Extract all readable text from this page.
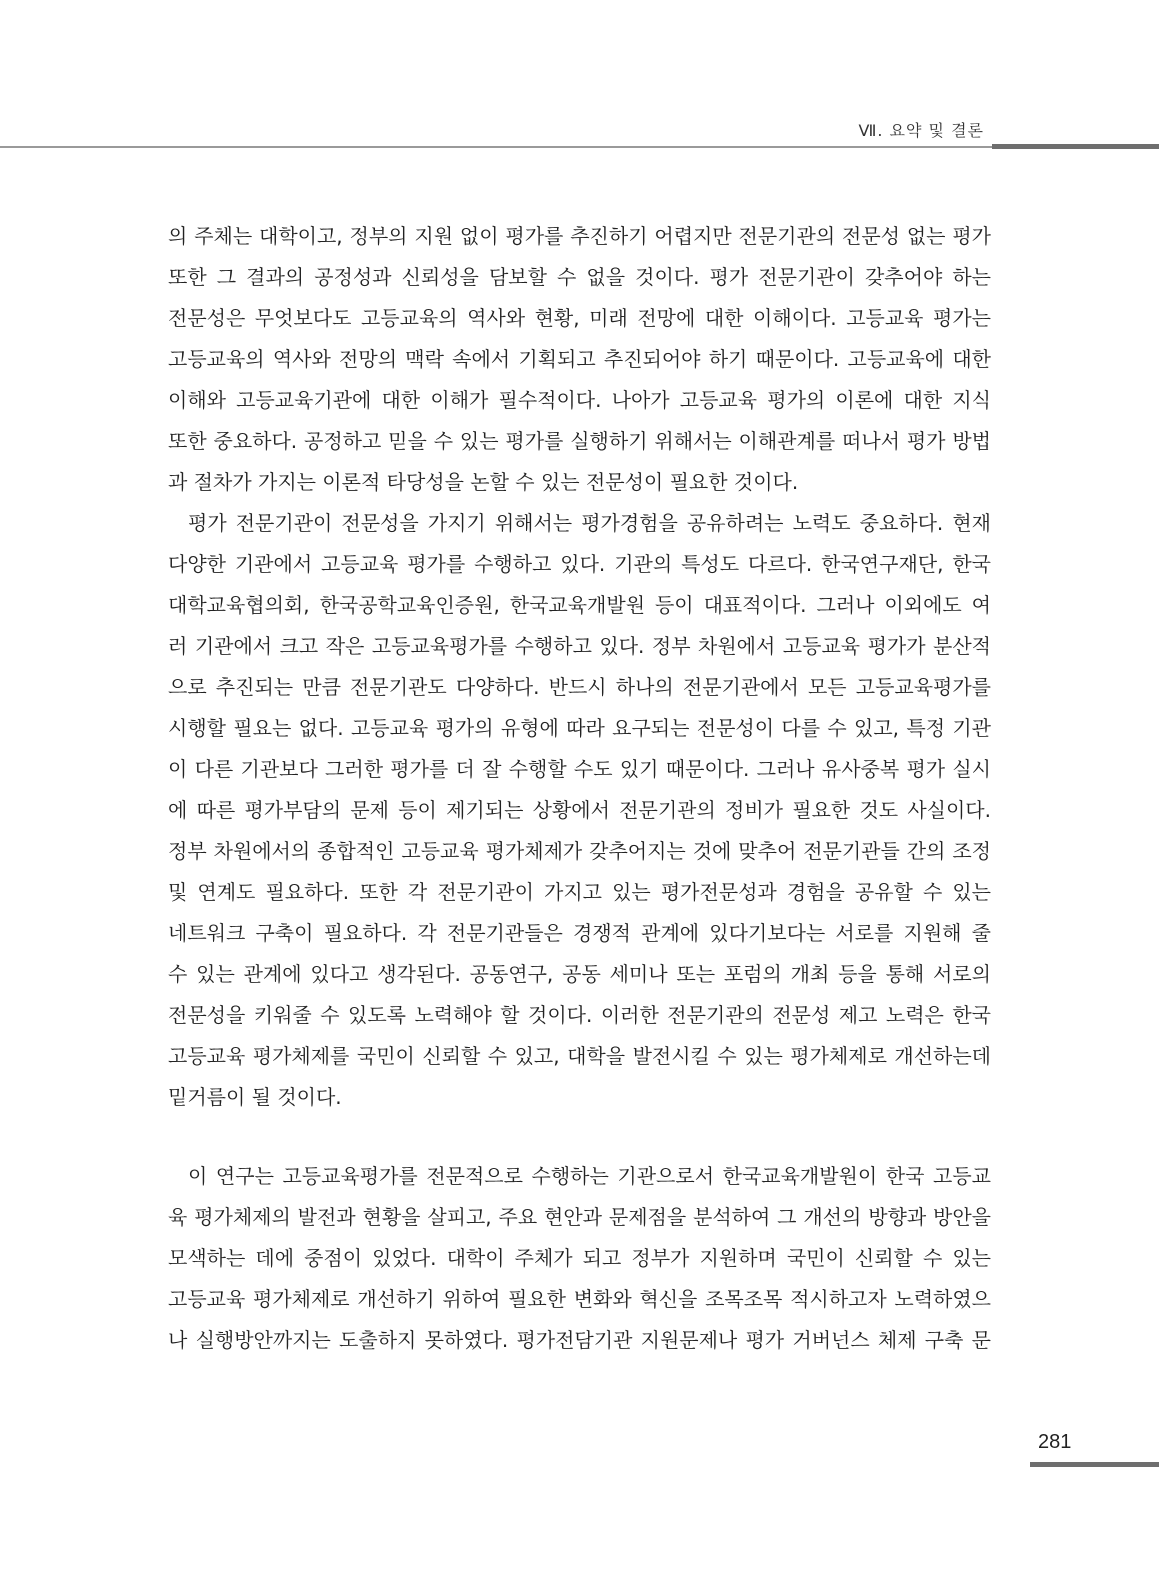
Ⅶ. 요약 및 결론

의 주체는 대학이고, 정부의 지원 없이 평가를 추진하기 어렵지만 전문기관의 전문성 없는 평가

또한 그 결과의 공정성과 신뢰성을 담보할 수 없을 것이다. 평가 전문기관이 갖추어야 하는

전문성은 무엇보다도 고등교육의 역사와 현황, 미래 전망에 대한 이해이다. 고등교육 평가는

고등교육의 역사와 전망의 맥락 속에서 기획되고 추진되어야 하기 때문이다. 고등교육에 대한

이해와 고등교육기관에 대한 이해가 필수적이다. 나아가 고등교육 평가의 이론에 대한 지식

또한 중요하다. 공정하고 믿을 수 있는 평가를 실행하기 위해서는 이해관계를 떠나서 평가 방법

과 절차가 가지는 이론적 타당성을 논할 수 있는 전문성이 필요한 것이다.

평가 전문기관이 전문성을 가지기 위해서는 평가경험을 공유하려는 노력도 중요하다. 현재

다양한 기관에서 고등교육 평가를 수행하고 있다. 기관의 특성도 다르다. 한국연구재단, 한국

대학교육협의회, 한국공학교육인증원, 한국교육개발원 등이 대표적이다. 그러나 이외에도 여

러 기관에서 크고 작은 고등교육평가를 수행하고 있다. 정부 차원에서 고등교육 평가가 분산적

으로 추진되는 만큼 전문기관도 다양하다. 반드시 하나의 전문기관에서 모든 고등교육평가를

시행할 필요는 없다. 고등교육 평가의 유형에 따라 요구되는 전문성이 다를 수 있고, 특정 기관

이 다른 기관보다 그러한 평가를 더 잘 수행할 수도 있기 때문이다. 그러나 유사중복 평가 실시

에 따른 평가부담의 문제 등이 제기되는 상황에서 전문기관의 정비가 필요한 것도 사실이다.

정부 차원에서의 종합적인 고등교육 평가체제가 갖추어지는 것에 맞추어 전문기관들 간의 조정

및 연계도 필요하다. 또한 각 전문기관이 가지고 있는 평가전문성과 경험을 공유할 수 있는

네트워크 구축이 필요하다. 각 전문기관들은 경쟁적 관계에 있다기보다는 서로를 지원해 줄

수 있는 관계에 있다고 생각된다. 공동연구, 공동 세미나 또는 포럼의 개최 등을 통해 서로의

전문성을 키워줄 수 있도록 노력해야 할 것이다. 이러한 전문기관의 전문성 제고 노력은 한국

고등교육 평가체제를 국민이 신뢰할 수 있고, 대학을 발전시킬 수 있는 평가체제로 개선하는데

밑거름이 될 것이다.

이 연구는 고등교육평가를 전문적으로 수행하는 기관으로서 한국교육개발원이 한국 고등교

육 평가체제의 발전과 현황을 살피고, 주요 현안과 문제점을 분석하여 그 개선의 방향과 방안을

모색하는 데에 중점이 있었다. 대학이 주체가 되고 정부가 지원하며 국민이 신뢰할 수 있는

고등교육 평가체제로 개선하기 위하여 필요한 변화와 혁신을 조목조목 적시하고자 노력하였으

나 실행방안까지는 도출하지 못하였다. 평가전담기관 지원문제나 평가 거버넌스 체제 구축 문

281
